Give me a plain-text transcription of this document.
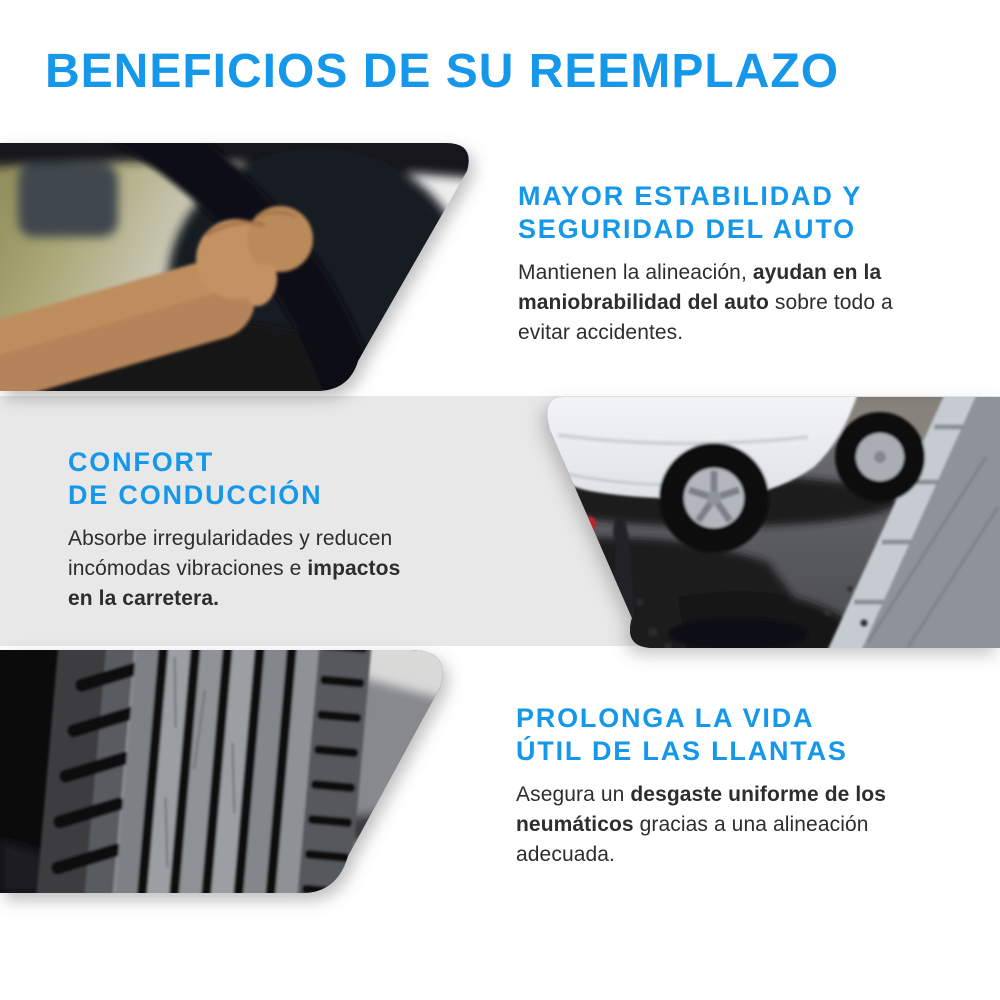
BENEFICIOS DE SU REEMPLAZO
MAYOR ESTABILIDAD Y
SEGURIDAD DEL AUTO
Mantienen la alineación, ayudan en la maniobrabilidad del auto sobre todo a evitar accidentes.
CONFORT
DE CONDUCCIÓN
Absorbe irregularidades y reducen incómodas vibraciones e impactos en la carretera.
PROLONGA LA VIDA
ÚTIL DE LAS LLANTAS
Asegura un desgaste uniforme de los neumáticos gracias a una alineación adecuada.
